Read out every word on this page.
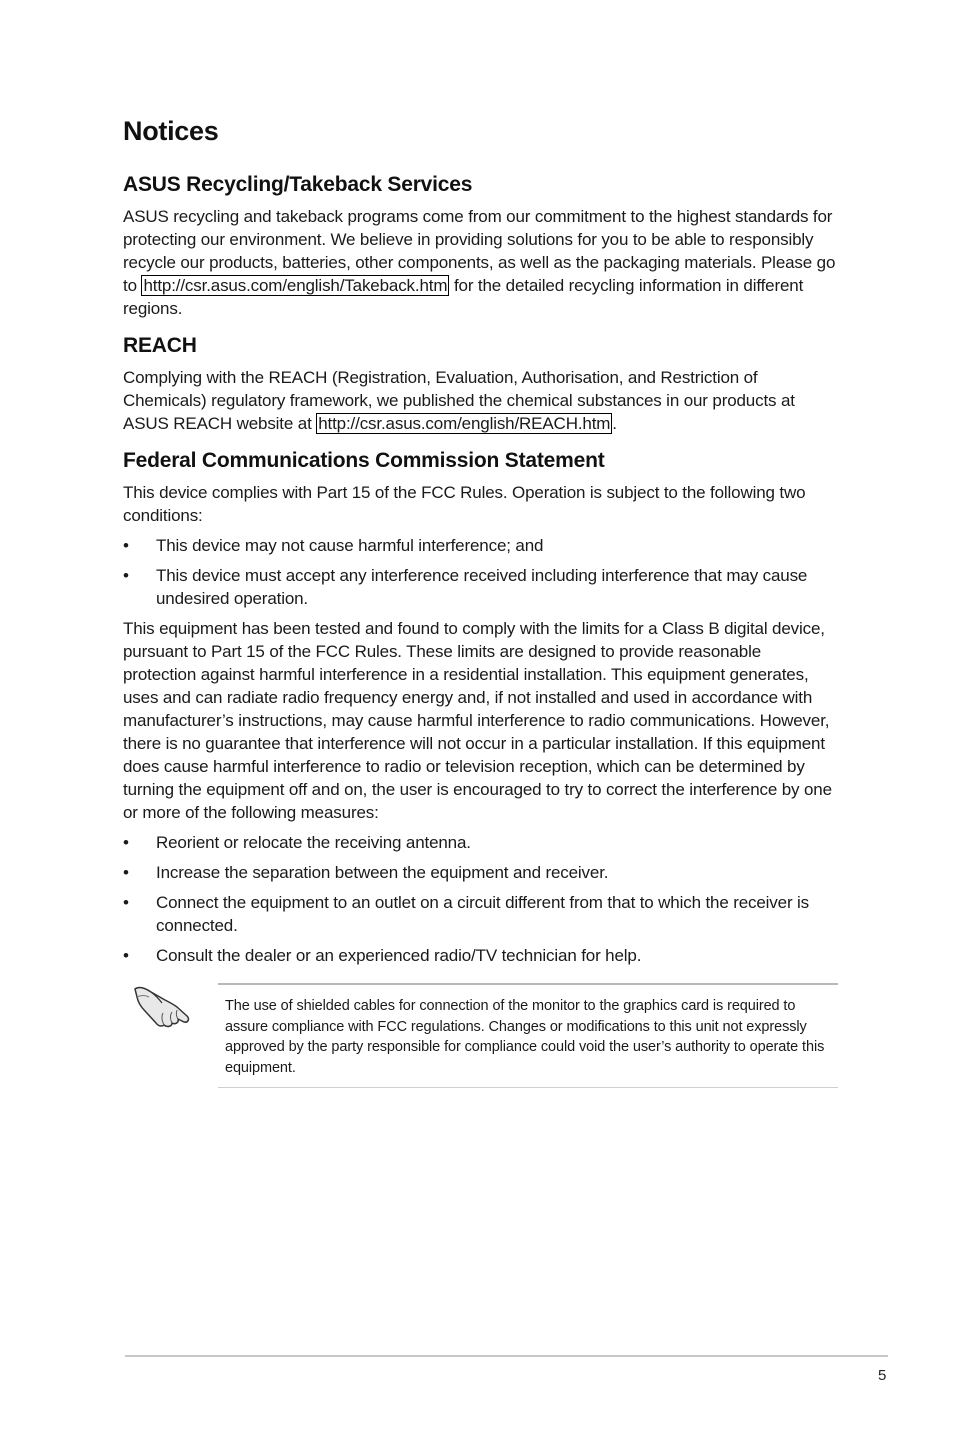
Notices
ASUS Recycling/Takeback Services

ASUS recycling and takeback programs come from our commitment to the highest standards for protecting our environment. We believe in providing solutions for you to be able to responsibly recycle our products, batteries, other components, as well as the packaging materials. Please go to http://csr.asus.com/english/Takeback.htm for the detailed recycling information in different regions.

REACH

Complying with the REACH (Registration, Evaluation, Authorisation, and Restriction of Chemicals) regulatory framework, we published the chemical substances in our products at ASUS REACH website at http://csr.asus.com/english/REACH.htm .

Federal Communications Commission Statement

This device complies with Part 15 of the FCC Rules. Operation is subject to the following two conditions:

•	This device may not cause harmful interference; and
•	This device must accept any interference received including interference that may cause undesired operation.

This equipment has been tested and found to comply with the limits for a Class B digital device, pursuant to Part 15 of the FCC Rules. These limits are designed to provide reasonable protection against harmful interference in a residential installation. This equipment generates, uses and can radiate radio frequency energy and, if not installed and used in accordance with manufacturer’s instructions, may cause harmful interference to radio communications. However, there is no guarantee that interference will not occur in a particular installation. If this equipment does cause harmful interference to radio or television reception, which can be determined by turning the equipment off and on, the user is encouraged to try to correct the interference by one or more of the following measures:

•	Reorient or relocate the receiving antenna.
•	Increase the separation between the equipment and receiver.
•	Connect the equipment to an outlet on a circuit different from that to which the receiver is connected.
•	Consult the dealer or an experienced radio/TV technician for help.

The use of shielded cables for connection of the monitor to the graphics card is required to assure compliance with FCC regulations. Changes or modifications to this unit not expressly approved by the party responsible for compliance could void the user’s authority to operate this equipment.

5
